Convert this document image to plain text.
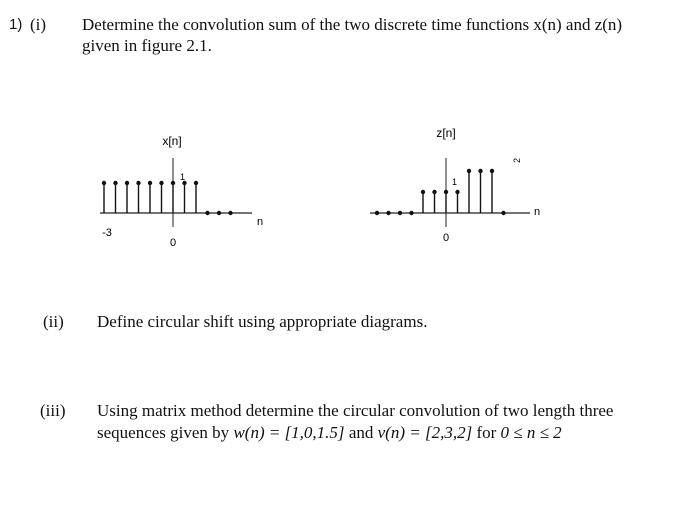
1) (i) Determine the convolution sum of the two discrete time functions x(n) and z(n)
given in figure 2.1.
x[n]
n
-3
0
1
z[n]
n
0
1
2
(ii) Define circular shift using appropriate diagrams.
(iii) Using matrix method determine the circular convolution of two length three
sequences given by w(n) = [1,0,1.5] and v(n) = [2,3,2] for 0 ≤ n ≤ 2
